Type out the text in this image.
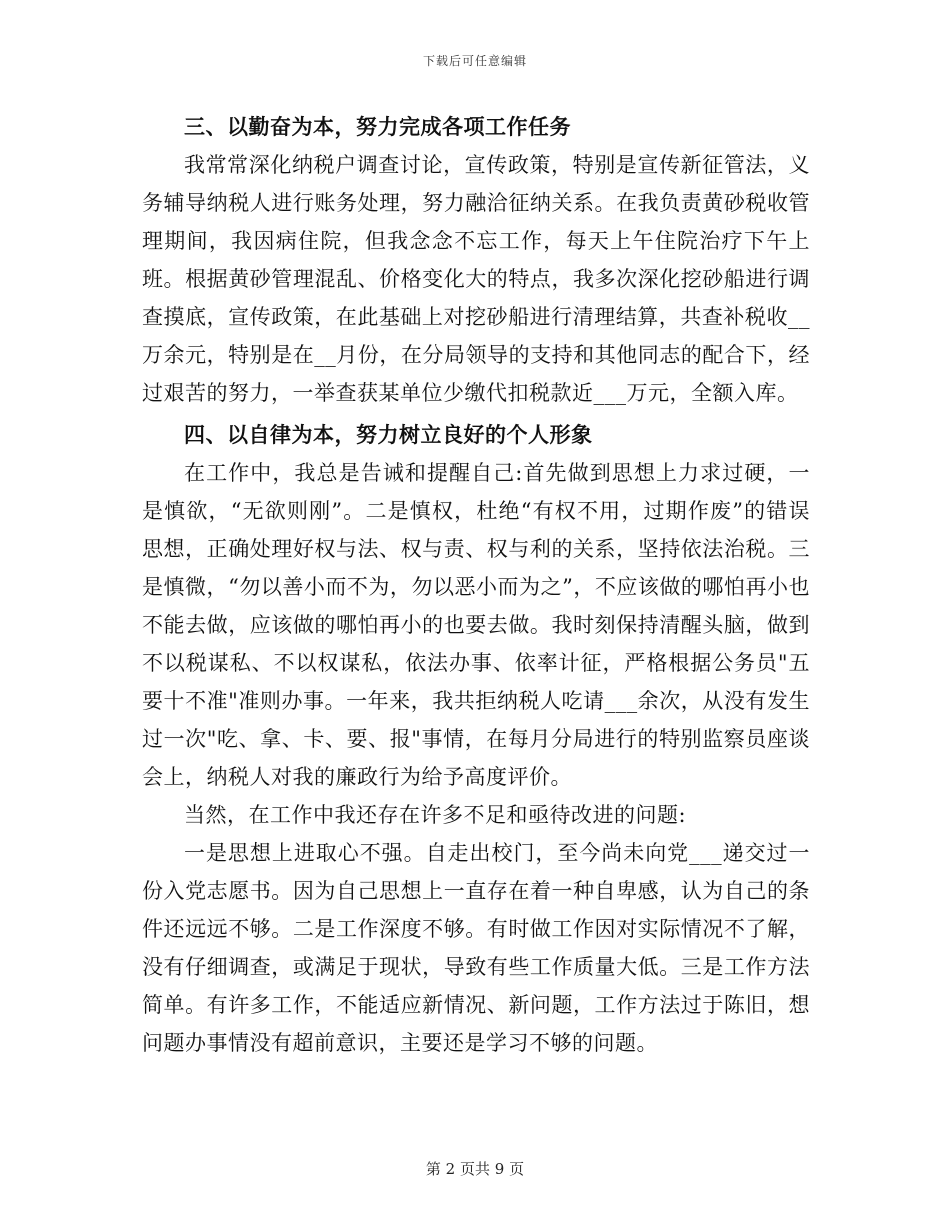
下载后可任意编辑
三、以勤奋为本，努力完成各项工作任务

我常常深化纳税户调查讨论，宣传政策，特别是宣传新征管法，义务辅导纳税人进行账务处理，努力融洽征纳关系。在我负责黄砂税收管理期间，我因病住院，但我念念不忘工作，每天上午住院治疗下午上班。根据黄砂管理混乱、价格变化大的特点，我多次深化挖砂船进行调查摸底，宣传政策，在此基础上对挖砂船进行清理结算，共查补税收__万余元，特别是在__月份，在分局领导的支持和其他同志的配合下，经过艰苦的努力，一举查获某单位少缴代扣税款近___万元，全额入库。

四、以自律为本，努力树立良好的个人形象

在工作中，我总是告诫和提醒自己:首先做到思想上力求过硬，一是慎欲，“无欲则刚”。二是慎权，杜绝“有权不用，过期作废”的错误思想，正确处理好权与法、权与责、权与利的关系，坚持依法治税。三是慎微，“勿以善小而不为，勿以恶小而为之”，不应该做的哪怕再小也不能去做，应该做的哪怕再小的也要去做。我时刻保持清醒头脑，做到不以税谋私、不以权谋私，依法办事、依率计征，严格根据公务员"五要十不准"准则办事。一年来，我共拒纳税人吃请___余次，从没有发生过一次"吃、拿、卡、要、报"事情，在每月分局进行的特别监察员座谈会上，纳税人对我的廉政行为给予高度评价。

当然，在工作中我还存在许多不足和亟待改进的问题:

一是思想上进取心不强。自走出校门，至今尚未向党___递交过一份入党志愿书。因为自己思想上一直存在着一种自卑感，认为自己的条件还远远不够。二是工作深度不够。有时做工作因对实际情况不了解，没有仔细调查，或满足于现状，导致有些工作质量大低。三是工作方法简单。有许多工作，不能适应新情况、新问题，工作方法过于陈旧，想问题办事情没有超前意识，主要还是学习不够的问题。

第 2 页共 9 页
